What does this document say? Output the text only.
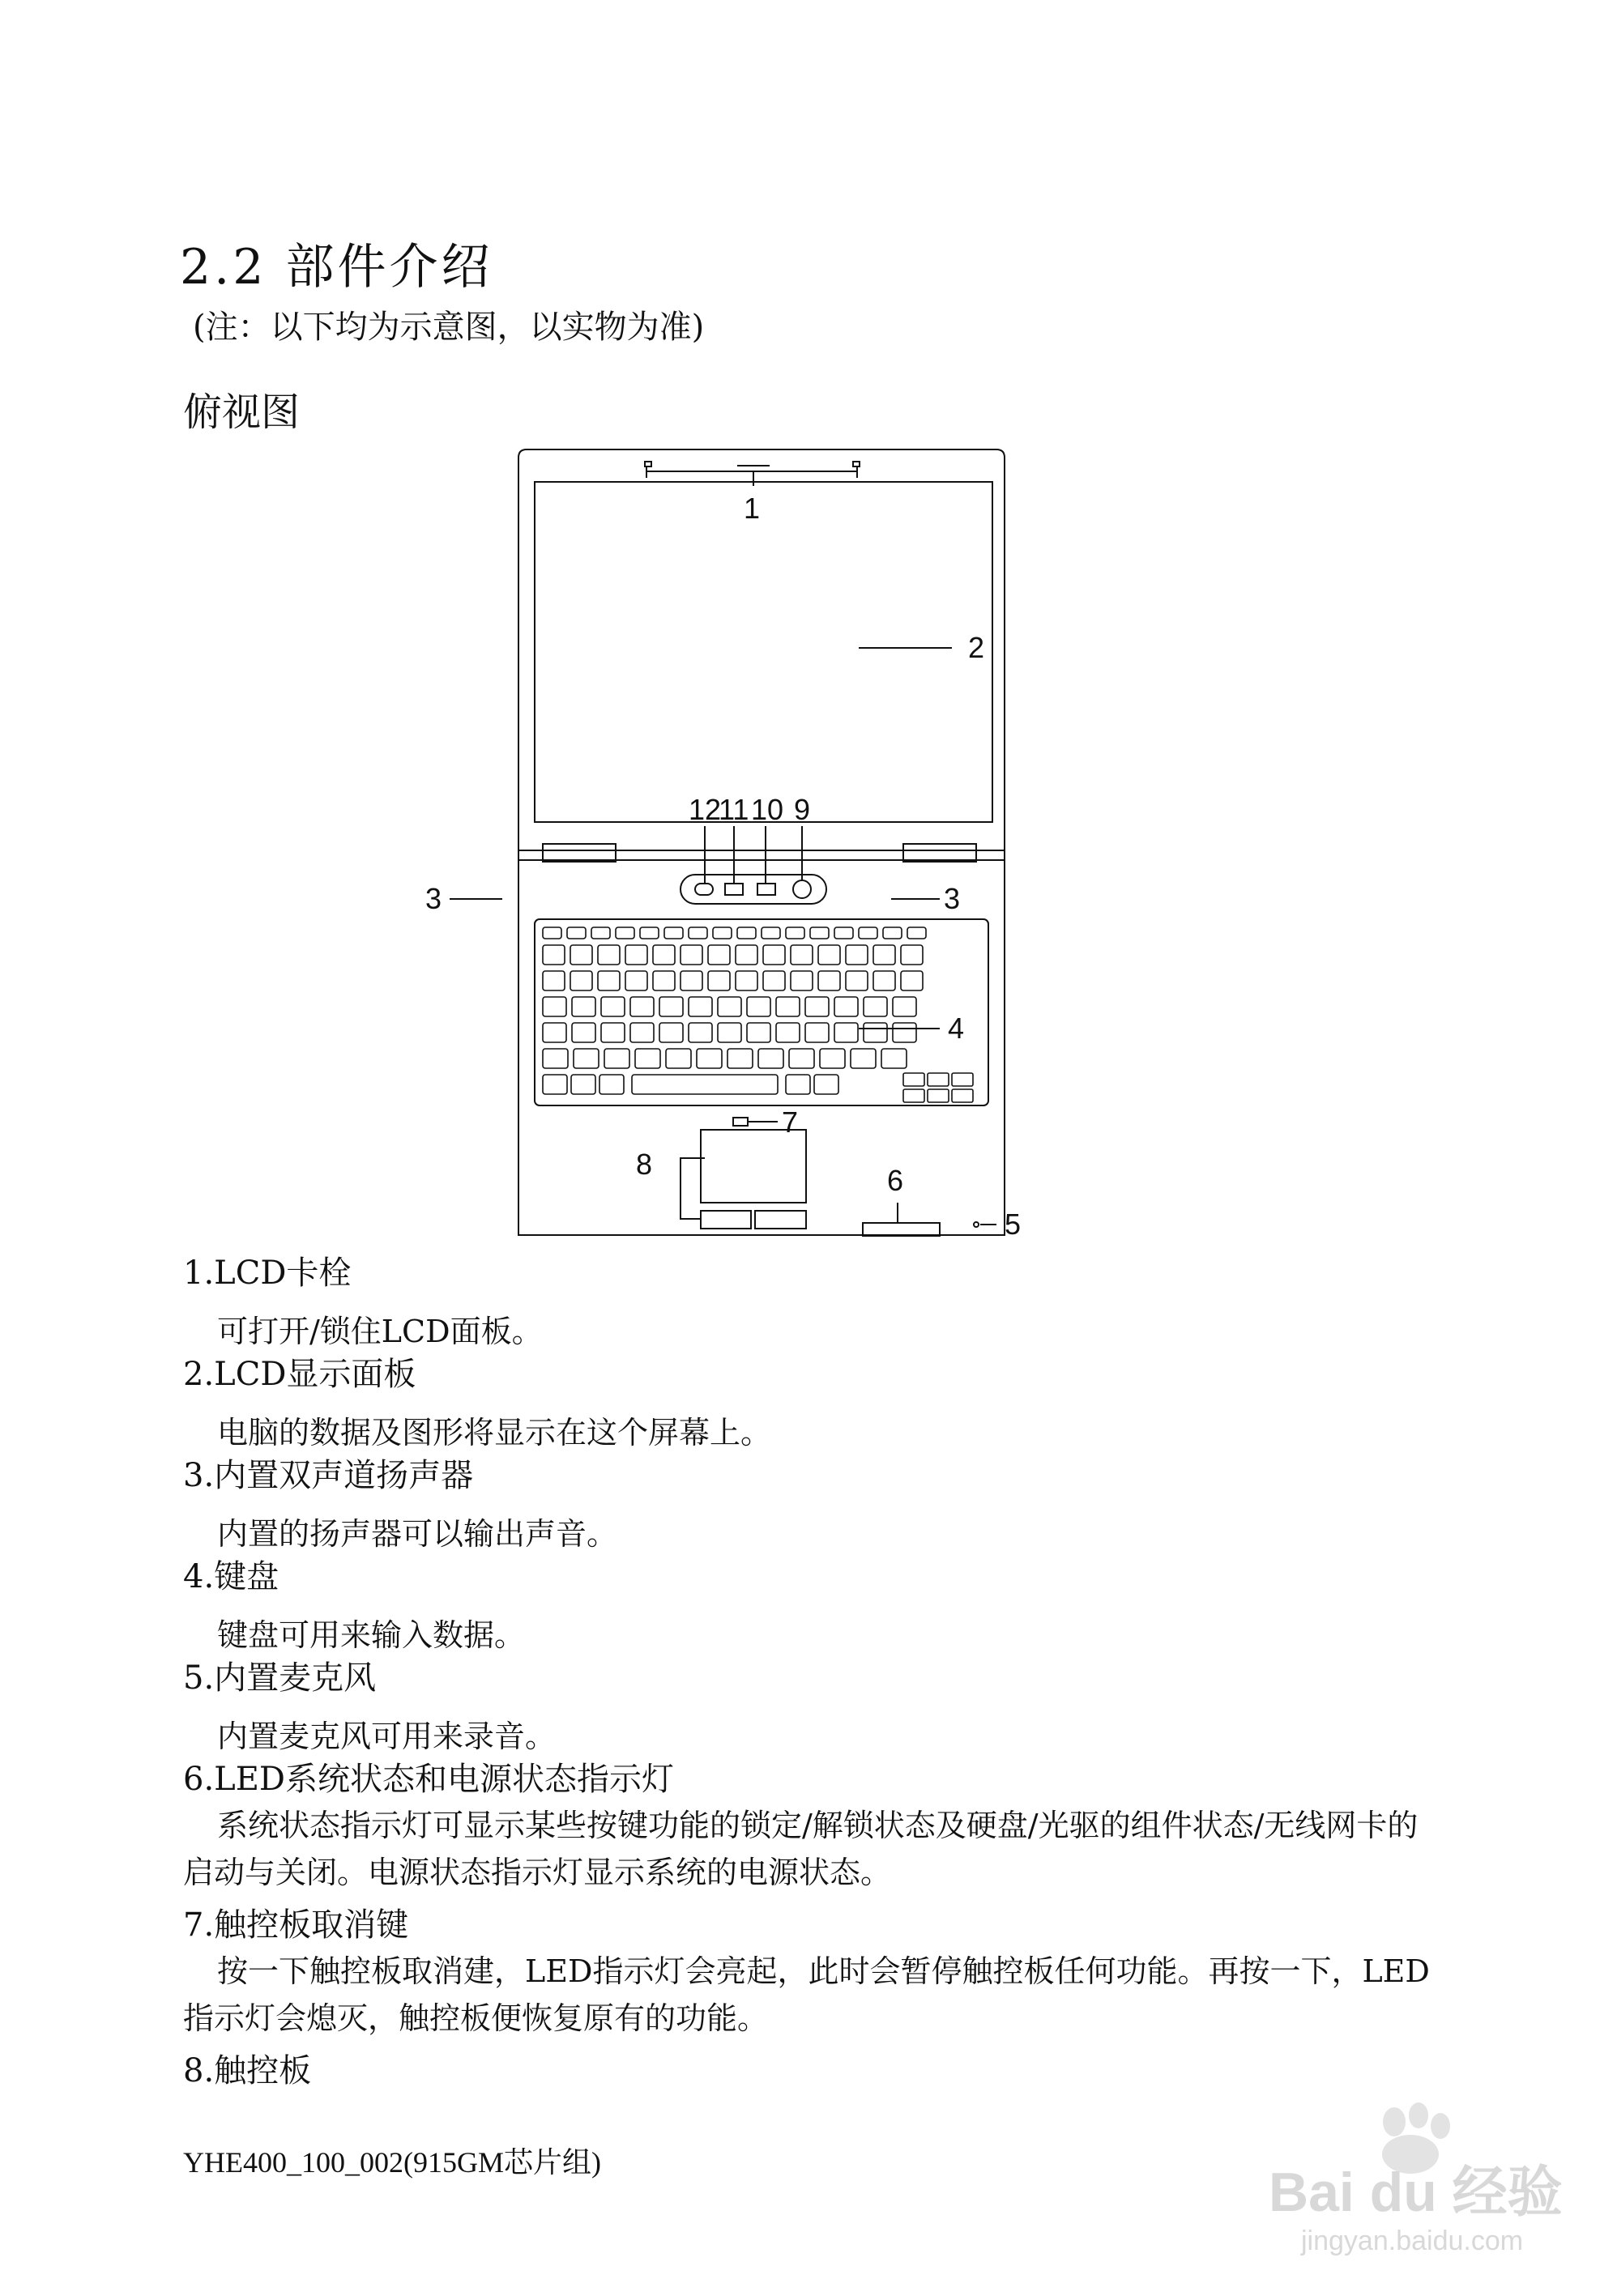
2.2 部件介绍
(注：以下均为示意图，以实物为准)
俯视图
1
2
3	3
4
5
6
7
8
12
11 10 9
1.LCD卡栓
可打开/锁住LCD面板。
2.LCD显示面板
电脑的数据及图形将显示在这个屏幕上。
3.内置双声道扬声器
内置的扬声器可以输出声音。
4.键盘
键盘可用来输入数据。
5.内置麦克风
内置麦克风可用来录音。
6.LED系统状态和电源状态指示灯
系统状态指示灯可显示某些按键功能的锁定/解锁状态及硬盘/光驱的组件状态/无线网卡的启动与关闭。电源状态指示灯显示系统的电源状态。
7.触控板取消键
按一下触控板取消建，LED指示灯会亮起，此时会暂停触控板任何功能。再按一下，LED指示灯会熄灭，触控板便恢复原有的功能。
8.触控板
YHE400_100_002(915GM芯片组)	Bai du 经验
jingyan.baidu.com
